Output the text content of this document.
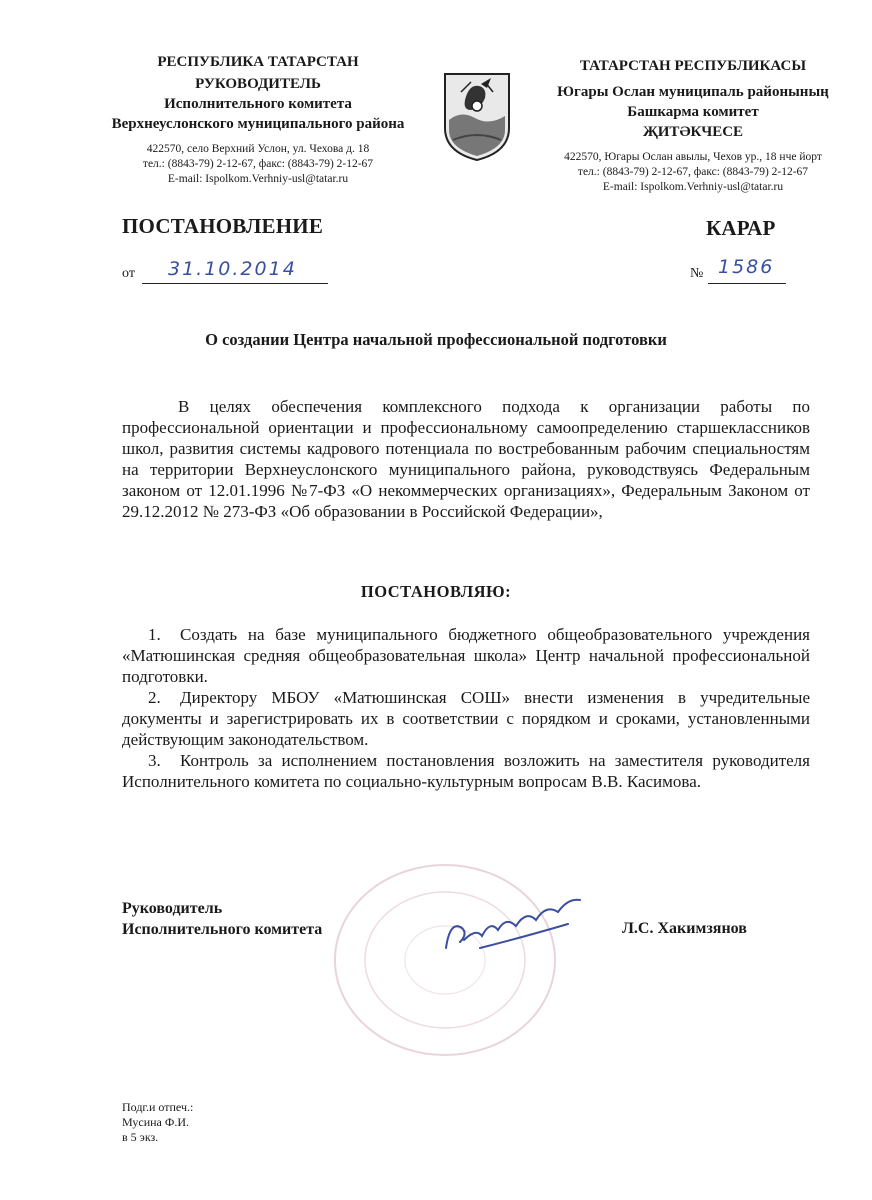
РЕСПУБЛИКА ТАТАРСТАН
РУКОВОДИТЕЛЬ
Исполнительного комитета
Верхнеуслонского муниципального района
422570, село Верхний Услон, ул. Чехова д. 18
тел.: (8843-79) 2-12-67, факс: (8843-79) 2-12-67
E-mail: Ispolkom.Verhniy-usl@tatar.ru
ТАТАРСТАН РЕСПУБЛИКАСЫ
Югары Ослан муниципаль районының
Башкарма комитет
ҖИТӘКЧЕСЕ
422570, Югары Ослан авылы, Чехов ур., 18 нче йорт
тел.: (8843-79) 2-12-67, факс: (8843-79) 2-12-67
E-mail: Ispolkom.Verhniy-usl@tatar.ru
ПОСТАНОВЛЕНИЕ	КАРАР
от 31.10.2014	№ 1586
О создании Центра начальной профессиональной подготовки
В целях обеспечения комплексного подхода к организации работы по профессиональной ориентации и профессиональному самоопределению старшеклассников школ, развития системы кадрового потенциала по востребованным рабочим специальностям на территории Верхнеуслонского муниципального района, руководствуясь Федеральным законом от 12.01.1996 №7-ФЗ «О некоммерческих организациях», Федеральным Законом от 29.12.2012 № 273-ФЗ «Об образовании в Российской Федерации»,
ПОСТАНОВЛЯЮ:

1. Создать на базе муниципального бюджетного общеобразовательного учреждения «Матюшинская средняя общеобразовательная школа» Центр начальной профессиональной подготовки.

2. Директору МБОУ «Матюшинская СОШ» внести изменения в учредительные документы и зарегистрировать их в соответствии с порядком и сроками, установленными действующим законодательством.

3. Контроль за исполнением постановления возложить на заместителя руководителя Исполнительного комитета по социально-культурным вопросам В.В. Касимова.

Руководитель
Исполнительного комитета	Л.С. Хакимзянов
Подг.и отпеч.:
Мусина Ф.И.
в 5 экз.
